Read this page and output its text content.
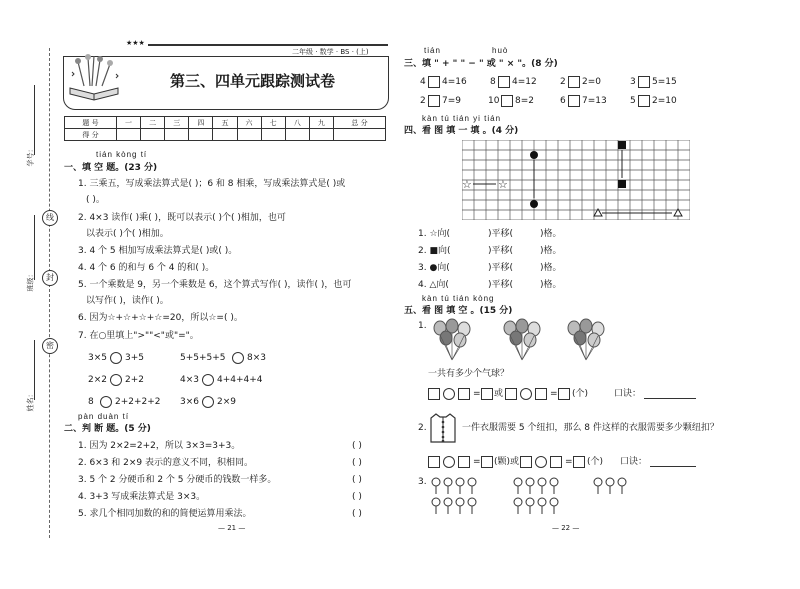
学号：
班级：
姓名：
线
封
密
★★★
二年级 · 数学 · BS · (上)
第三、四单元跟踪测试卷
题 号	一	二	三	四	五	六	七	八	九	总 分
得 分										
tián kòng tí
一、填 空 题。(23 分)
1. 三乘五，写成乘法算式是( )；6 和 8 相乘，写成乘法算式是( )或
( )。
2. 4×3 读作( )乘( )，既可以表示( )个( )相加，也可
以表示( )个( )相加。
3. 4 个 5 相加写成乘法算式是( )或( )。
4. 4 个 6 的和与 6 个 4 的和( )。
5. 一个乘数是 9，另一个乘数是 6，这个算式写作( )，读作( )，也可
以写作( )，读作( )。
6. 因为☆+☆+☆+☆=20，所以☆=( )。
7. 在○里填上">""<"或"="。
3×5 3+5	5+5+5+5 8×3
2×2 2+2	4×3 4+4+4+4
8 2+2+2+2 3×6 2×9
pàn duàn tí
二、判 断 题。(5 分)
1. 因为 2×2=2+2，所以 3×3=3+3。	( )
2. 6×3 和 2×9 表示的意义不同，积相同。	( )
3. 5 个 2 分硬币和 2 个 5 分硬币的钱数一样多。	( )
4. 3+3 写成乘法算式是 3×3。	( )
5. 求几个相同加数的和的简便运算用乘法。	( )
— 21 —	— 22 —
tián	huò
三、填 " + " " − " 或 " × "。(8 分)
4 4=16	8 4=12	2 2=0	3 5=15
2 7=9	10 8=2	6 7=13	5 2=10
kàn tú tián yi tián
四、看 图 填 一 填 。(4 分)
☆ ☆
1. ☆向(	)平移(	)格。
2. ■向(	)平移(	)格。
3. ●向(	)平移(	)格。
4. △向(	)平移(	)格。
kàn tú tián kòng
五、看 图 填 空 。(15 分)
1.
一共有多少个气球？
= 或	= (个)	口诀：
2.	一件衣服需要 5 个纽扣，那么 8 件这样的衣服需要多少颗纽扣？
= (颗)或	= (个) 口诀：
3.
